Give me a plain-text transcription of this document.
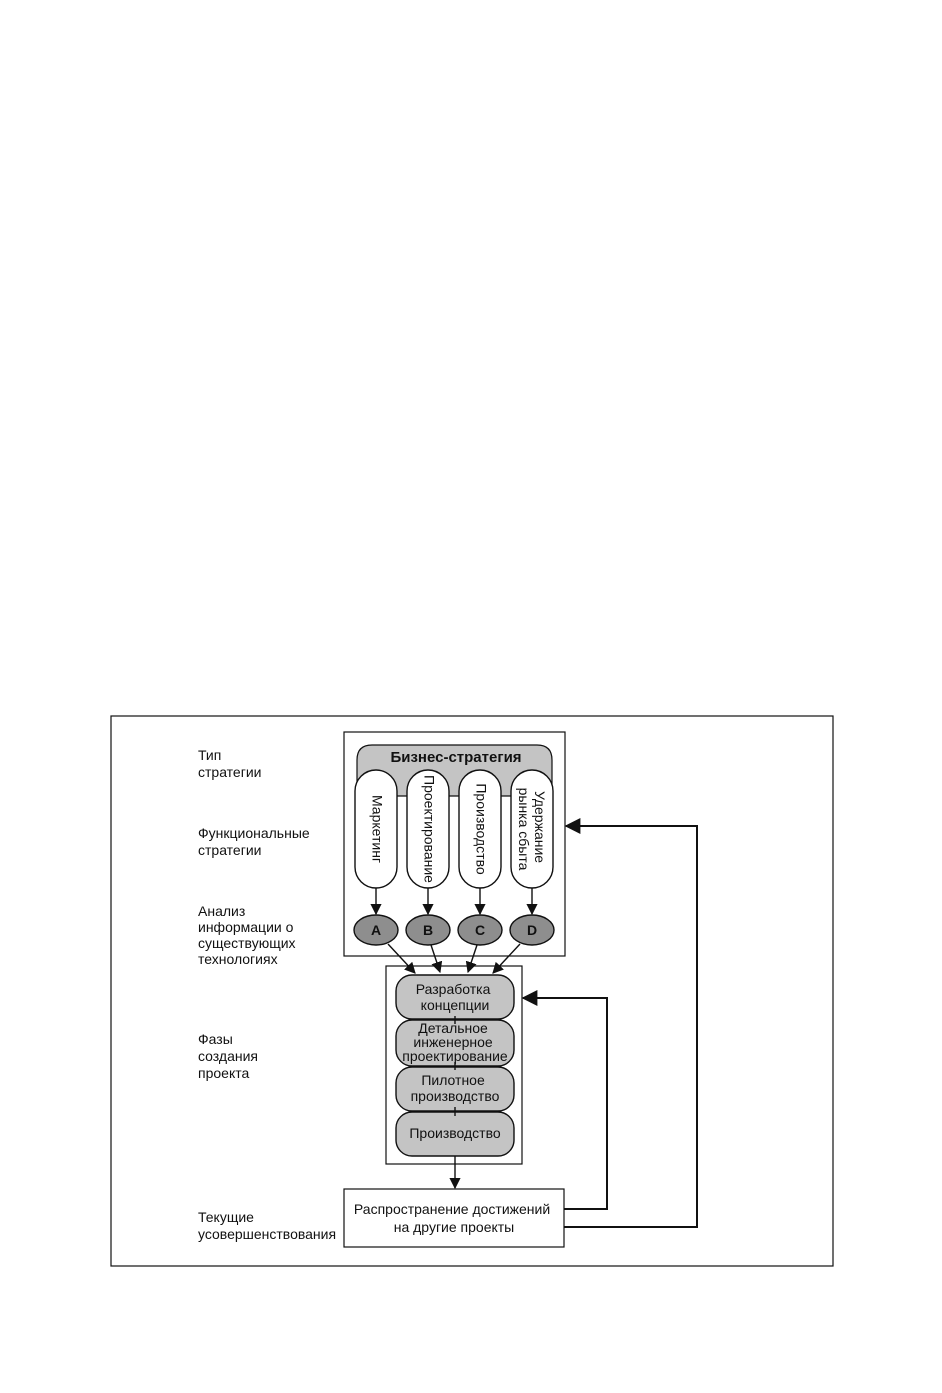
Тип стратегии
Функциональные стратегии
Анализ информации о существующих технологиях
Фазы создания проекта
Текущие усовершенствования
Бизнес-стратегия
Маркетинг	Проектирование	Производство	Удержание рынка сбыта
A	B	C	D
Разработка концепции
Детальное инженерное проектирование
Пилотное производство
Производство
Распространение достижений на другие проекты
